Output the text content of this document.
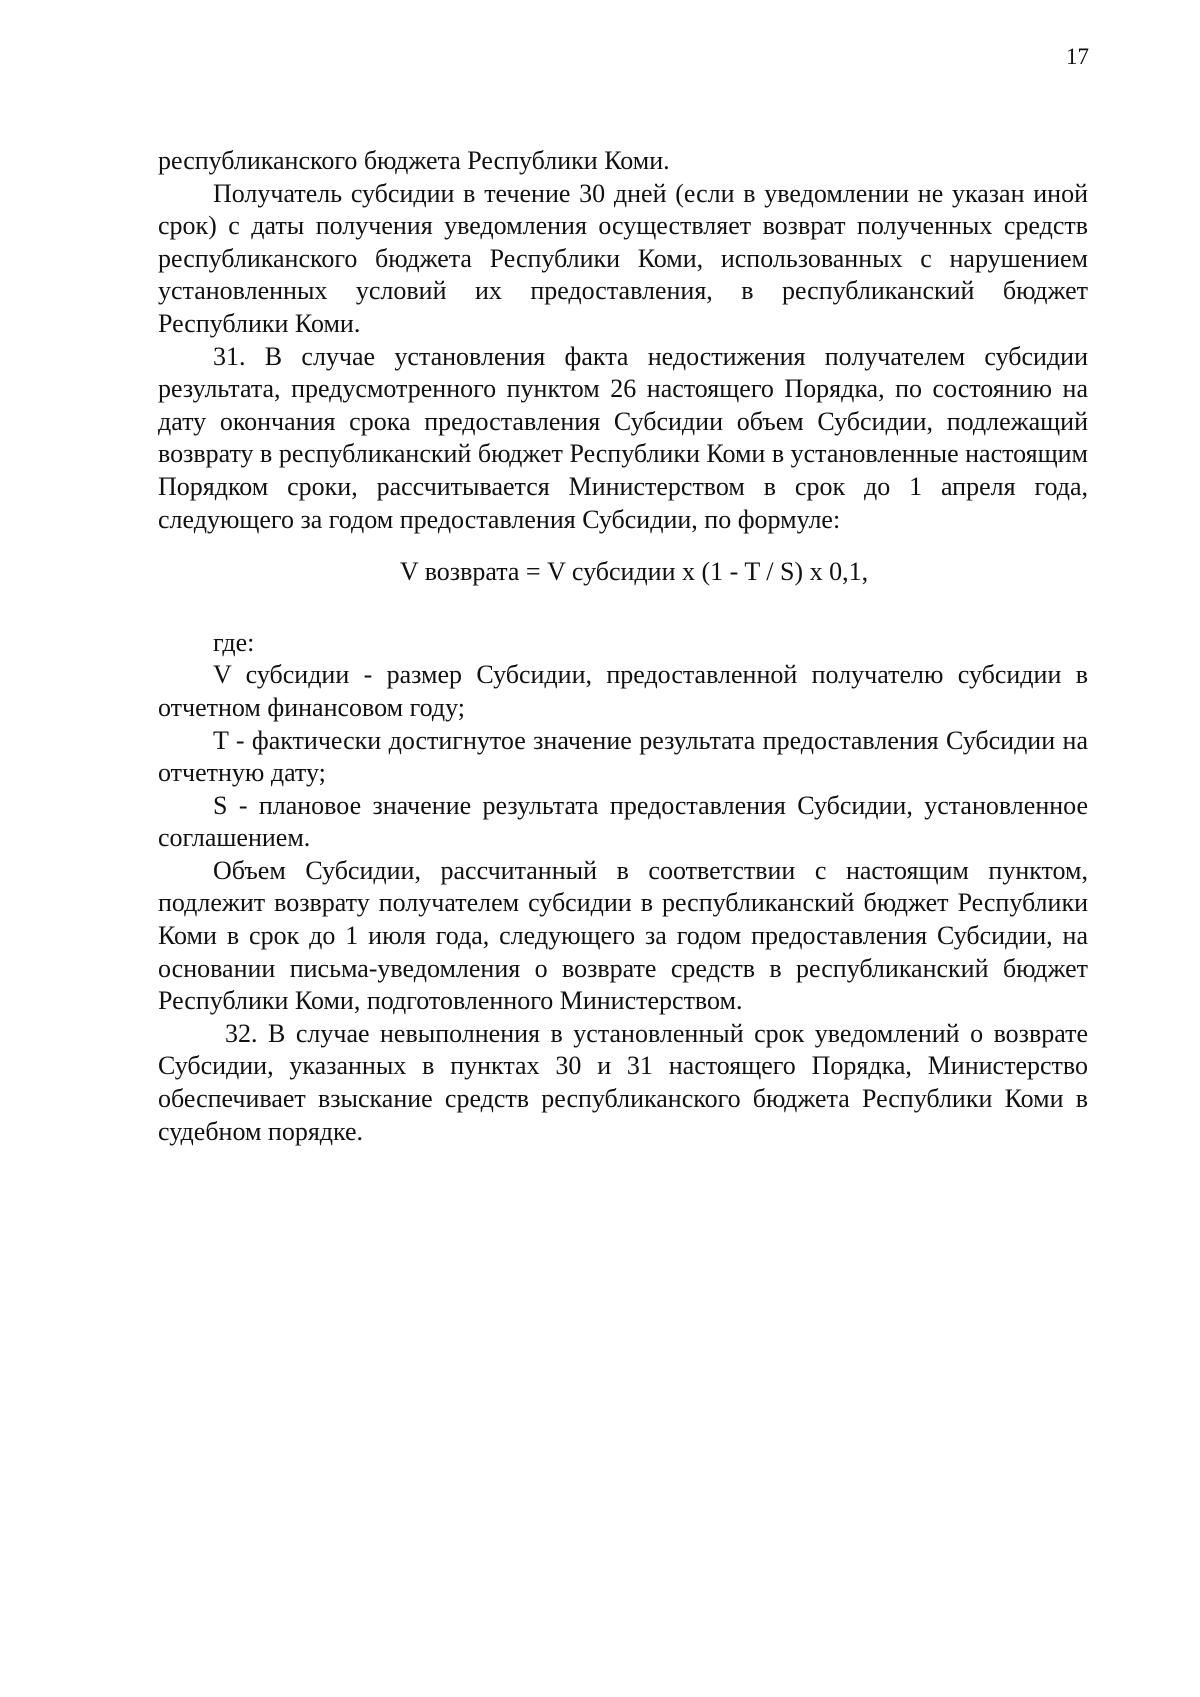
17

республиканского бюджета Республики Коми.

Получатель субсидии в течение 30 дней (если в уведомлении не указан иной срок) с даты получения уведомления осуществляет возврат полученных средств республиканского бюджета Республики Коми, использованных с нарушением установленных условий их предоставления, в республиканский бюджет Республики Коми.

31. В случае установления факта недостижения получателем субсидии результата, предусмотренного пунктом 26 настоящего Порядка, по состоянию на дату окончания срока предоставления Субсидии объем Субсидии, подлежащий возврату в республиканский бюджет Республики Коми в установленные настоящим Порядком сроки, рассчитывается Министерством в срок до 1 апреля года, следующего за годом предоставления Субсидии, по формуле:

V возврата = V субсидии x (1 - T / S) x 0,1,

где:

V субсидии - размер Субсидии, предоставленной получателю субсидии в отчетном финансовом году;

T - фактически достигнутое значение результата предоставления Субсидии на отчетную дату;

S - плановое значение результата предоставления Субсидии, установленное соглашением.

Объем Субсидии, рассчитанный в соответствии с настоящим пунктом, подлежит возврату получателем субсидии в республиканский бюджет Республики Коми в срок до 1 июля года, следующего за годом предоставления Субсидии, на основании письма-уведомления о возврате средств в республиканский бюджет Республики Коми, подготовленного Министерством.

32. В случае невыполнения в установленный срок уведомлений о возврате Субсидии, указанных в пунктах 30 и 31 настоящего Порядка, Министерство обеспечивает взыскание средств республиканского бюджета Республики Коми в судебном порядке.
